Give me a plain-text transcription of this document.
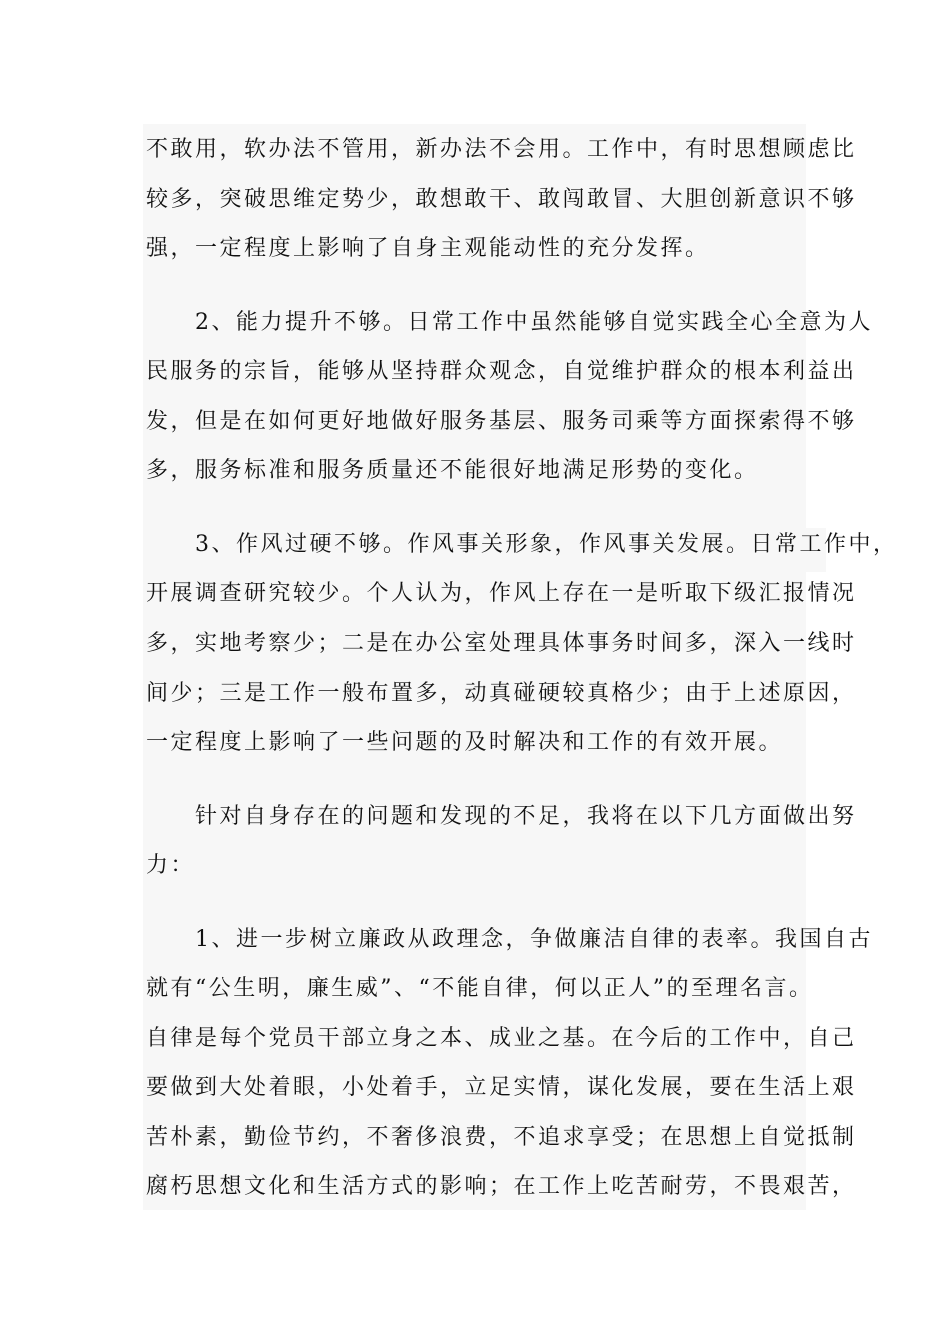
不敢用，软办法不管用，新办法不会用。工作中，有时思想顾虑比
较多，突破思维定势少，敢想敢干、敢闯敢冒、大胆创新意识不够
强，一定程度上影响了自身主观能动性的充分发挥。
　　2、能力提升不够。日常工作中虽然能够自觉实践全心全意为人
民服务的宗旨，能够从坚持群众观念，自觉维护群众的根本利益出
发，但是在如何更好地做好服务基层、服务司乘等方面探索得不够
多，服务标准和服务质量还不能很好地满足形势的变化。
　　3、作风过硬不够。作风事关形象，作风事关发展。日常工作中，
开展调查研究较少。个人认为，作风上存在一是听取下级汇报情况
多，实地考察少；二是在办公室处理具体事务时间多，深入一线时
间少；三是工作一般布置多，动真碰硬较真格少；由于上述原因，
一定程度上影响了一些问题的及时解决和工作的有效开展。
　　针对自身存在的问题和发现的不足，我将在以下几方面做出努
力：
　　1、进一步树立廉政从政理念，争做廉洁自律的表率。我国自古
就有“公生明，廉生威”、“不能自律，何以正人”的至理名言。
自律是每个党员干部立身之本、成业之基。在今后的工作中，自己
要做到大处着眼，小处着手，立足实情，谋化发展，要在生活上艰
苦朴素，勤俭节约，不奢侈浪费，不追求享受；在思想上自觉抵制
腐朽思想文化和生活方式的影响；在工作上吃苦耐劳，不畏艰苦，
